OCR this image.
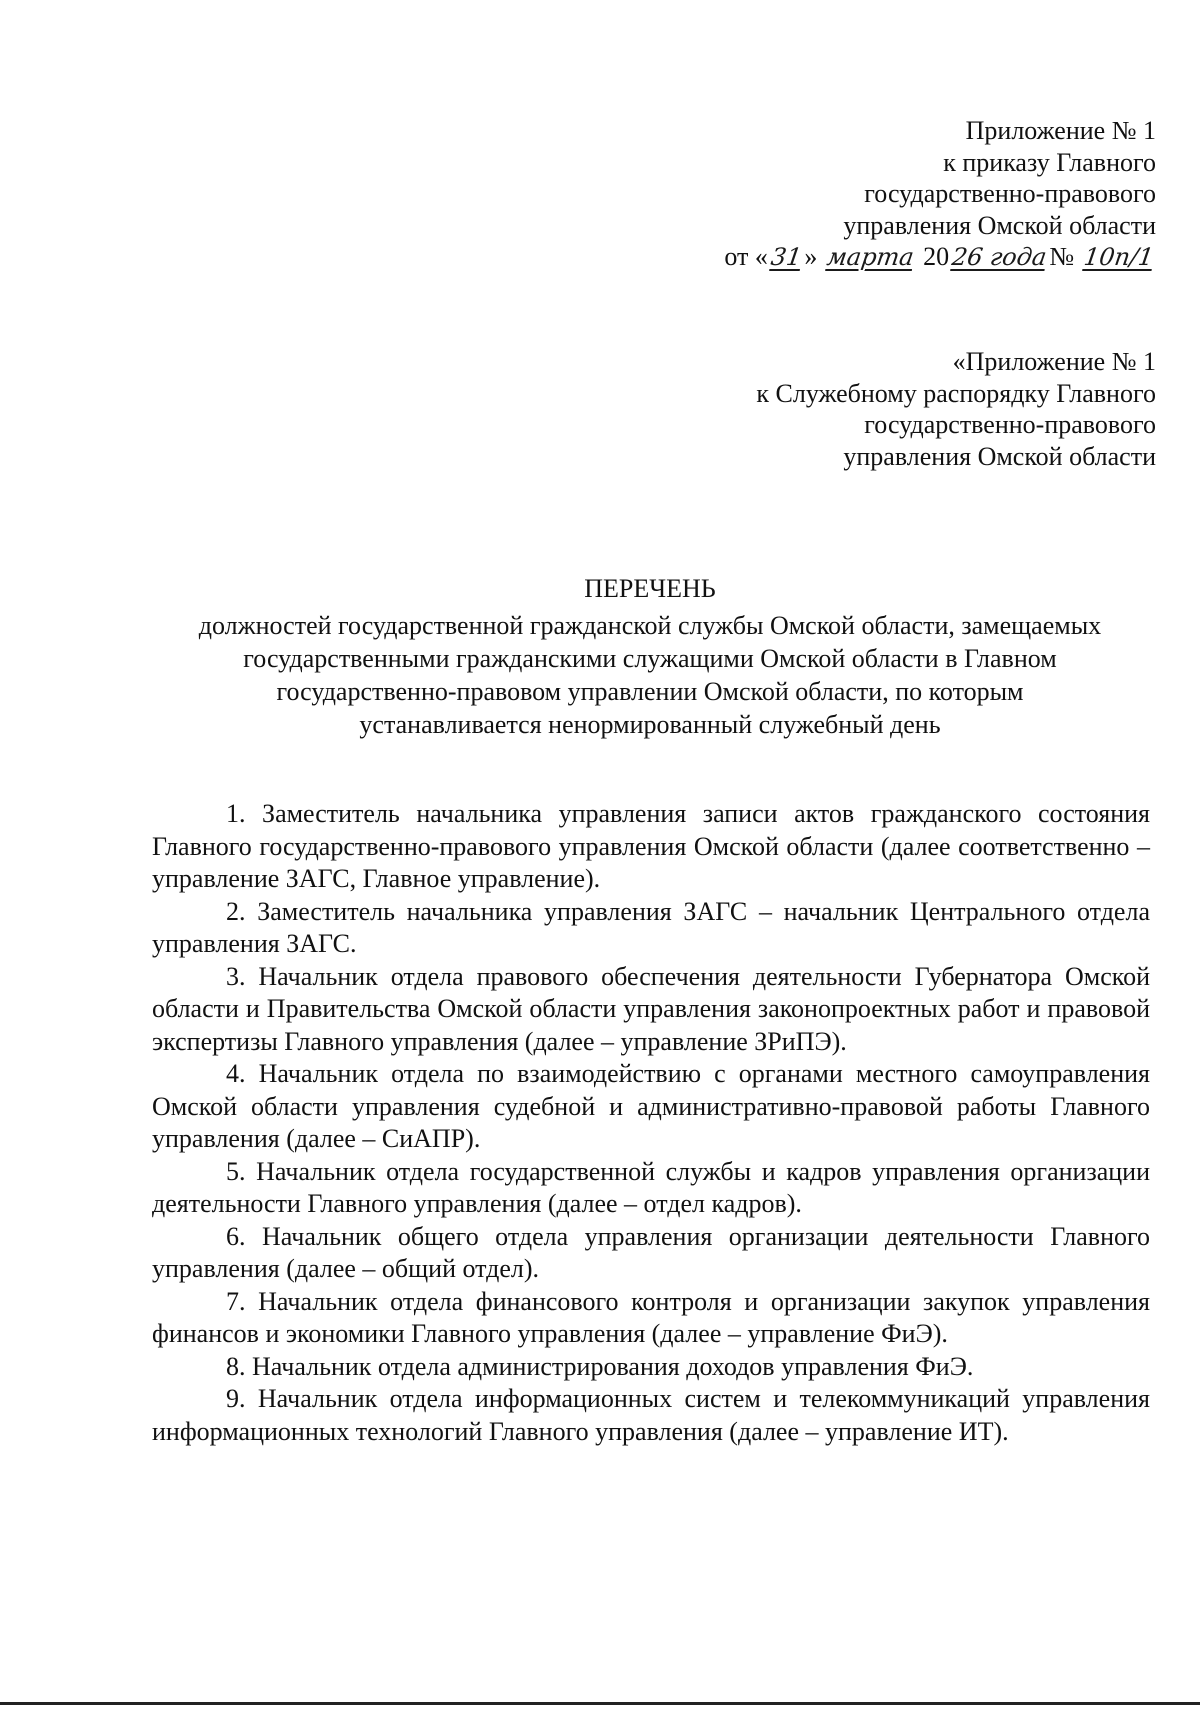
Приложение № 1
к приказу Главного
государственно-правового
управления Омской области
от «31» марта 2026 года№ 10п/1
«Приложение № 1
к Служебному распорядку Главного
государственно-правового
управления Омской области
ПЕРЕЧЕНЬ
должностей государственной гражданской службы Омской области, замещаемых
государственными гражданскими служащими Омской области в Главном
государственно-правовом управлении Омской области, по которым
устанавливается ненормированный служебный день

1. Заместитель начальника управления записи актов гражданского состояния Главного государственно-правового управления Омской области (далее соответственно – управление ЗАГС, Главное управление).

2. Заместитель начальника управления ЗАГС – начальник Центрального отдела управления ЗАГС.

3. Начальник отдела правового обеспечения деятельности Губернатора Омской области и Правительства Омской области управления законопроектных работ и правовой экспертизы Главного управления (далее – управление ЗРиПЭ).

4. Начальник отдела по взаимодействию с органами местного самоуправления Омской области управления судебной и административно-правовой работы Главного управления (далее – СиАПР).

5. Начальник отдела государственной службы и кадров управления организации деятельности Главного управления (далее – отдел кадров).

6. Начальник общего отдела управления организации деятельности Главного управления (далее – общий отдел).

7. Начальник отдела финансового контроля и организации закупок управления финансов и экономики Главного управления (далее – управление ФиЭ).

8. Начальник отдела администрирования доходов управления ФиЭ.

9. Начальник отдела информационных систем и телекоммуникаций управления информационных технологий Главного управления (далее – управление ИТ).
